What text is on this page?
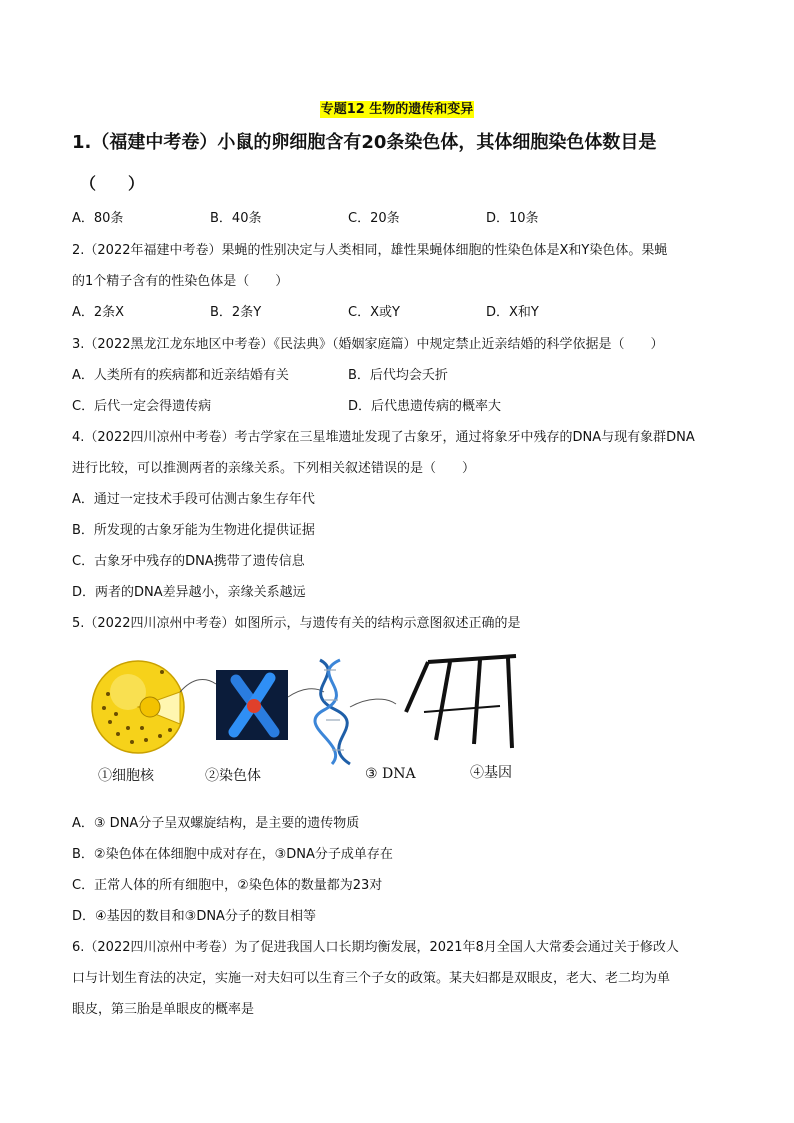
专题12 生物的遗传和变异
1.（福建中考卷）小鼠的卵细胞含有20条染色体，其体细胞染色体数目是
（　　）
A．80条	B．40条	C．20条	D．10条
2.（2022年福建中考卷）果蝇的性别决定与人类相同，雄性果蝇体细胞的性染色体是X和Y染色体。果蝇
的1个精子含有的性染色体是（　　）
A．2条X	B．2条Y	C．X或Y	D．X和Y
3.（2022黑龙江龙东地区中考卷）《民法典》（婚姻家庭篇）中规定禁止近亲结婚的科学依据是（　　）
A．人类所有的疾病都和近亲结婚有关	B．后代均会夭折
C．后代一定会得遗传病	D．后代患遗传病的概率大
4.（2022四川凉州中考卷）考古学家在三星堆遗址发现了古象牙，通过将象牙中残存的DNA与现有象群DNA
进行比较，可以推测两者的亲缘关系。下列相关叙述错误的是（　　）
A．通过一定技术手段可估测古象生存年代
B．所发现的古象牙能为生物进化提供证据
C．古象牙中残存的DNA携带了遗传信息
D．两者的DNA差异越小，亲缘关系越远
5.（2022四川凉州中考卷）如图所示，与遗传有关的结构示意图叙述正确的是
①细胞核	②染色体	③ DNA	④基因
A．③ DNA分子呈双螺旋结构，是主要的遗传物质
B．②染色体在体细胞中成对存在，③DNA分子成单存在
C．正常人体的所有细胞中，②染色体的数量都为23对
D．④基因的数目和③DNA分子的数目相等
6.（2022四川凉州中考卷）为了促进我国人口长期均衡发展，2021年8月全国人大常委会通过关于修改人
口与计划生育法的决定，实施一对夫妇可以生育三个子女的政策。某夫妇都是双眼皮，老大、老二均为单
眼皮，第三胎是单眼皮的概率是
